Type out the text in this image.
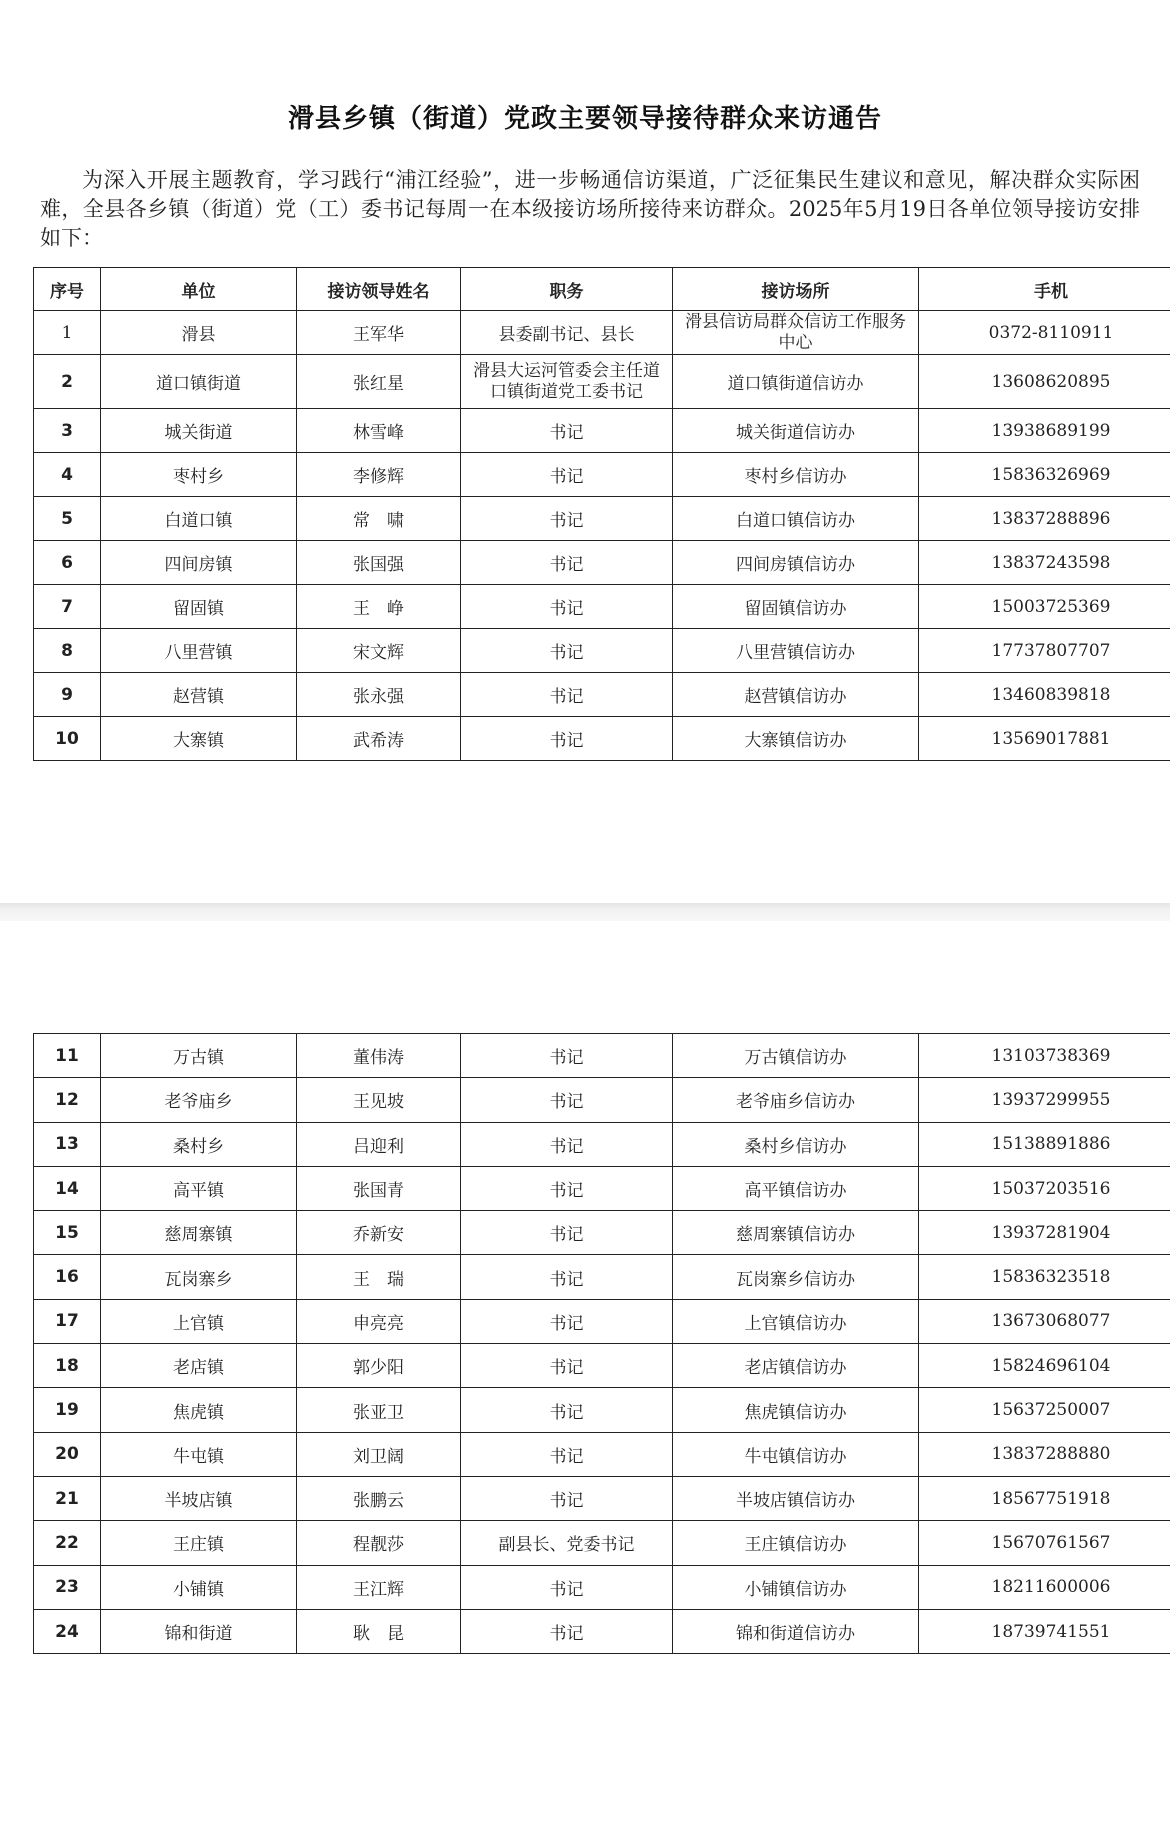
滑县乡镇（街道）党政主要领导接待群众来访通告

为深入开展主题教育，学习践行“浦江经验”，进一步畅通信访渠道，广泛征集民生建议和意见，解决群众实际困难，全县各乡镇（街道）党（工）委书记每周一在本级接访场所接待来访群众。2025年5月19日各单位领导接访安排如下：

序号	单位	接访领导姓名	职务	接访场所	手机
1	滑县	王军华	县委副书记、县长	滑县信访局群众信访工作服务中心	0372-8110911
2	道口镇街道	张红星	滑县大运河管委会主任道口镇街道党工委书记	道口镇街道信访办	13608620895
3	城关街道	林雪峰	书记	城关街道信访办	13938689199
4	枣村乡	李修辉	书记	枣村乡信访办	15836326969
5	白道口镇	常　啸	书记	白道口镇信访办	13837288896
6	四间房镇	张国强	书记	四间房镇信访办	13837243598
7	留固镇	王　峥	书记	留固镇信访办	15003725369
8	八里营镇	宋文辉	书记	八里营镇信访办	17737807707
9	赵营镇	张永强	书记	赵营镇信访办	13460839818
10	大寨镇	武希涛	书记	大寨镇信访办	13569017881
11	万古镇	董伟涛	书记	万古镇信访办	13103738369
12	老爷庙乡	王见坡	书记	老爷庙乡信访办	13937299955
13	桑村乡	吕迎利	书记	桑村乡信访办	15138891886
14	高平镇	张国青	书记	高平镇信访办	15037203516
15	慈周寨镇	乔新安	书记	慈周寨镇信访办	13937281904
16	瓦岗寨乡	王　瑞	书记	瓦岗寨乡信访办	15836323518
17	上官镇	申亮亮	书记	上官镇信访办	13673068077
18	老店镇	郭少阳	书记	老店镇信访办	15824696104
19	焦虎镇	张亚卫	书记	焦虎镇信访办	15637250007
20	牛屯镇	刘卫阔	书记	牛屯镇信访办	13837288880
21	半坡店镇	张鹏云	书记	半坡店镇信访办	18567751918
22	王庄镇	程靓莎	副县长、党委书记	王庄镇信访办	15670761567
23	小铺镇	王江辉	书记	小铺镇信访办	18211600006
24	锦和街道	耿　昆	书记	锦和街道信访办	18739741551
